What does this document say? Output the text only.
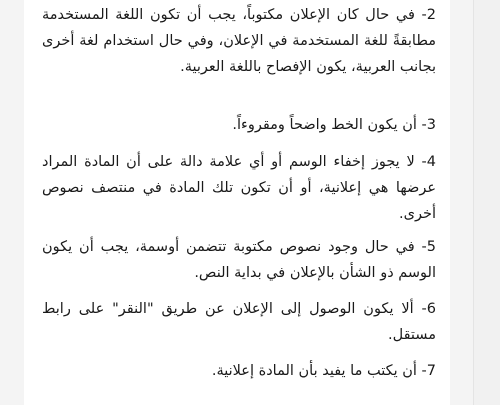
2- في حال كان الإعلان مكتوباً، يجب أن تكون اللغة المستخدمة مطابقةً للغة المستخدمة في الإعلان، وفي حال استخدام لغة أخرى بجانب العربية، يكون الإفصاح باللغة العربية.

3- أن يكون الخط واضحاً ومقروءاً.

4- لا يجوز إخفاء الوسم أو أي علامة دالة على أن المادة المراد عرضها هي إعلانية، أو أن تكون تلك المادة في منتصف نصوص أخرى.

5- في حال وجود نصوص مكتوبة تتضمن أوسمة، يجب أن يكون الوسم ذو الشأن بالإعلان في بداية النص.

6- ألا يكون الوصول إلى الإعلان عن طريق "النقر" على رابط مستقل.

7- أن يكتب ما يفيد بأن المادة إعلانية.
